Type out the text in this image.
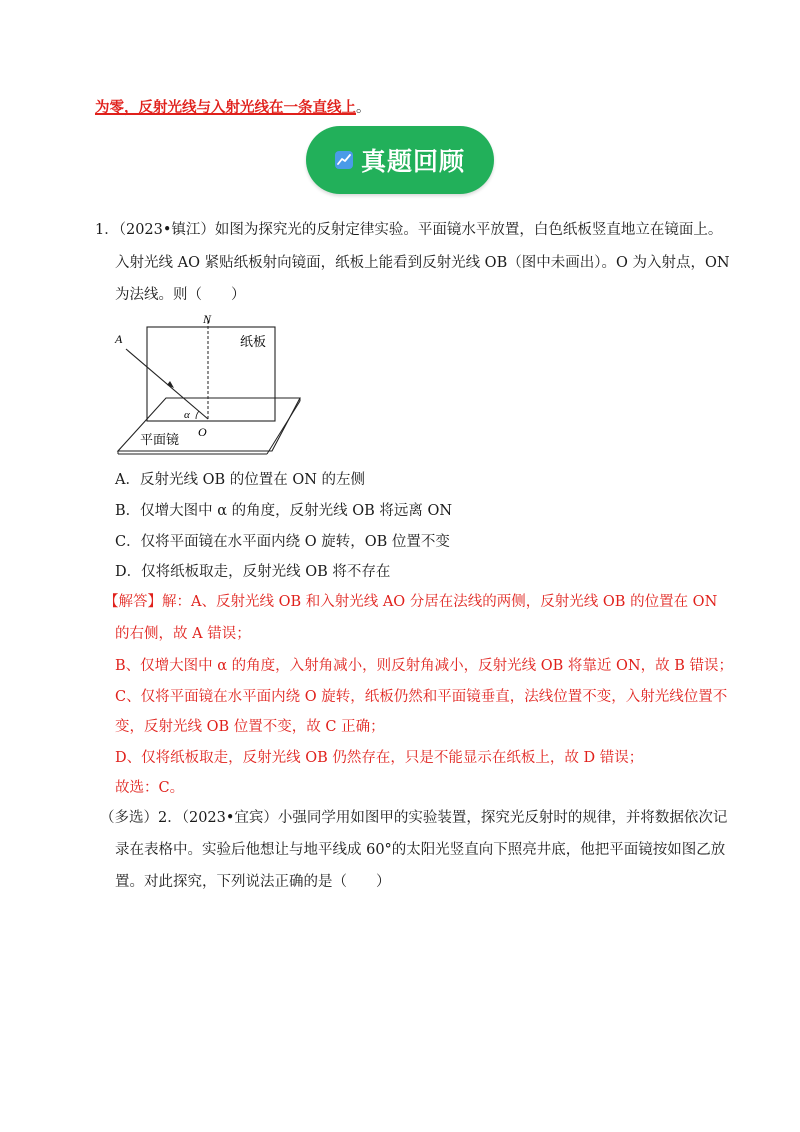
为零，反射光线与入射光线在一条直线上。
真题回顾
1．（2023•镇江）如图为探究光的反射定律实验。平面镜水平放置，白色纸板竖直地立在镜面上。
入射光线 AO 紧贴纸板射向镜面，纸板上能看到反射光线 OB（图中未画出）。O 为入射点，ON
为法线。则（　　）
N
A	纸板
α
O
平面镜
A．反射光线 OB 的位置在 ON 的左侧
B．仅增大图中 α 的角度，反射光线 OB 将远离 ON
C．仅将平面镜在水平面内绕 O 旋转，OB 位置不变
D．仅将纸板取走，反射光线 OB 将不存在
【解答】解：A、反射光线 OB 和入射光线 AO 分居在法线的两侧，反射光线 OB 的位置在 ON
的右侧，故 A 错误；
B、仅增大图中 α 的角度，入射角减小，则反射角减小，反射光线 OB 将靠近 ON，故 B 错误；
C、仅将平面镜在水平面内绕 O 旋转，纸板仍然和平面镜垂直，法线位置不变，入射光线位置不
变，反射光线 OB 位置不变，故 C 正确；
D、仅将纸板取走，反射光线 OB 仍然存在，只是不能显示在纸板上，故 D 错误；
故选：C。
（多选）2．（2023•宜宾）小强同学用如图甲的实验装置，探究光反射时的规律，并将数据依次记
录在表格中。实验后他想让与地平线成 60°的太阳光竖直向下照亮井底，他把平面镜按如图乙放
置。对此探究，下列说法正确的是（　　）
